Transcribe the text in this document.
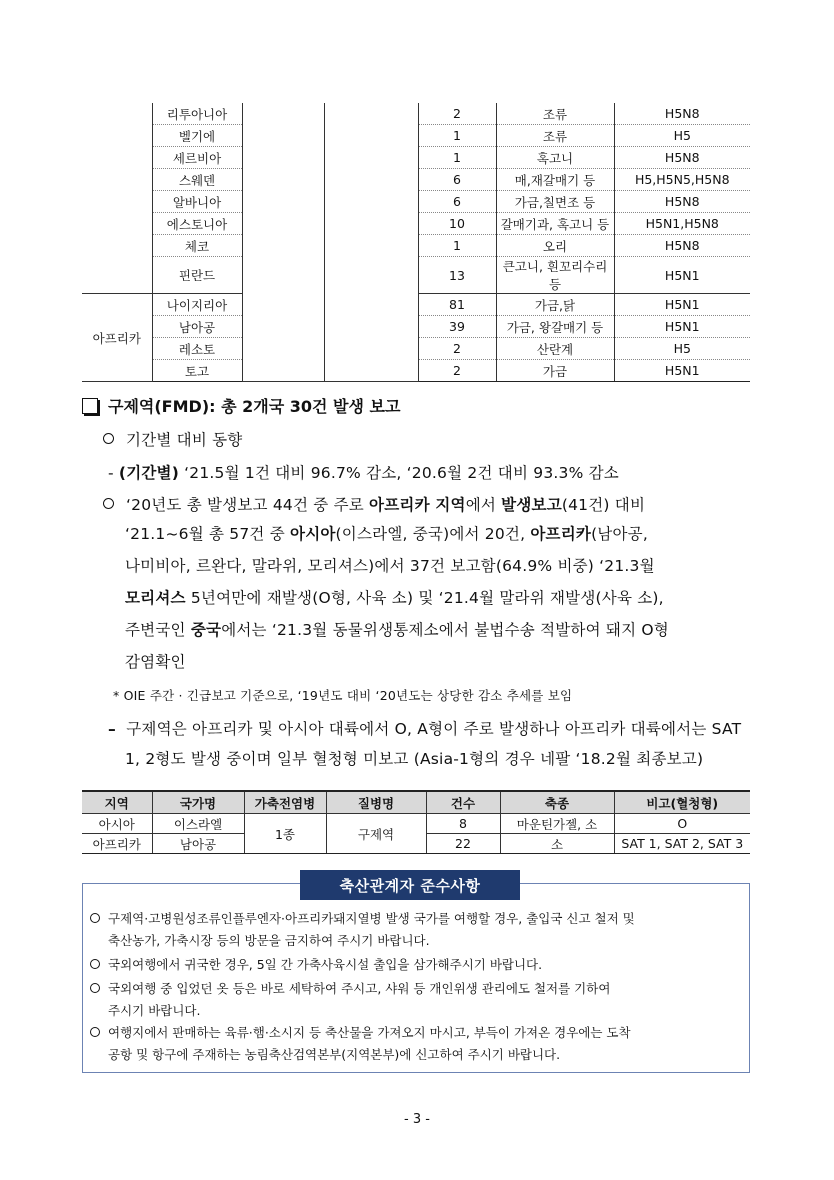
	리투아니아			2	조류	H5N8
	벨기에			1	조류	H5
	세르비아			1	혹고니	H5N8
	스웨덴			6	매,재갈매기 등	H5,H5N5,H5N8
	알바니아			6	가금,칠면조 등	H5N8
	에스토니아			10	갈매기과, 혹고니 등	H5N1,H5N8
	체코			1	오리	H5N8
	핀란드			13	큰고니, 흰꼬리수리 등	H5N1
아프리카	나이지리아			81	가금,닭	H5N1
	남아공			39	가금, 왕갈매기 등	H5N1
	레소토			2	산란계	H5
	토고			2	가금	H5N1
구제역(FMD): 총 2개국 30건 발생 보고
기간별 대비 동향
- (기간별) ‘21.5월 1건 대비 96.7% 감소, ‘20.6월 2건 대비 93.3% 감소
‘20년도 총 발생보고 44건 중 주로 아프리카 지역에서 발생보고(41건) 대비
‘21.1~6월 총 57건 중 아시아(이스라엘, 중국)에서 20건, 아프리카(남아공,
나미비아, 르완다, 말라위, 모리셔스)에서 37건 보고함(64.9% 비중) ‘21.3월
모리셔스 5년여만에 재발생(O형, 사육 소) 및 ‘21.4월 말라위 재발생(사육 소),
주변국인 중국에서는 ‘21.3월 동물위생통제소에서 불법수송 적발하여 돼지 O형
감염확인
* OIE 주간 · 긴급보고 기준으로, ‘19년도 대비 ‘20년도는 상당한 감소 추세를 보임
– 구제역은 아프리카 및 아시아 대륙에서 O, A형이 주로 발생하나 아프리카 대륙에서는 SAT
1, 2형도 발생 중이며 일부 혈청형 미보고 (Asia-1형의 경우 네팔 ‘18.2월 최종보고)
지역	국가명	가축전염병	질병명	건수	축종	비고(혈청형)
아시아	이스라엘	1종	구제역	8	마운틴가젤, 소	O
아프리카	남아공			22	소	SAT 1, SAT 2, SAT 3
축산관계자 준수사항
구제역·고병원성조류인플루엔자·아프리카돼지열병 발생 국가를 여행할 경우, 출입국 신고 철저 및
축산농가, 가축시장 등의 방문을 금지하여 주시기 바랍니다.
국외여행에서 귀국한 경우, 5일 간 가축사육시설 출입을 삼가해주시기 바랍니다.
국외여행 중 입었던 옷 등은 바로 세탁하여 주시고, 샤워 등 개인위생 관리에도 철저를 기하여
주시기 바랍니다.
여행지에서 판매하는 육류·햄·소시지 등 축산물을 가져오지 마시고, 부득이 가져온 경우에는 도착
공항 및 항구에 주재하는 농림축산검역본부(지역본부)에 신고하여 주시기 바랍니다.
- 3 -
